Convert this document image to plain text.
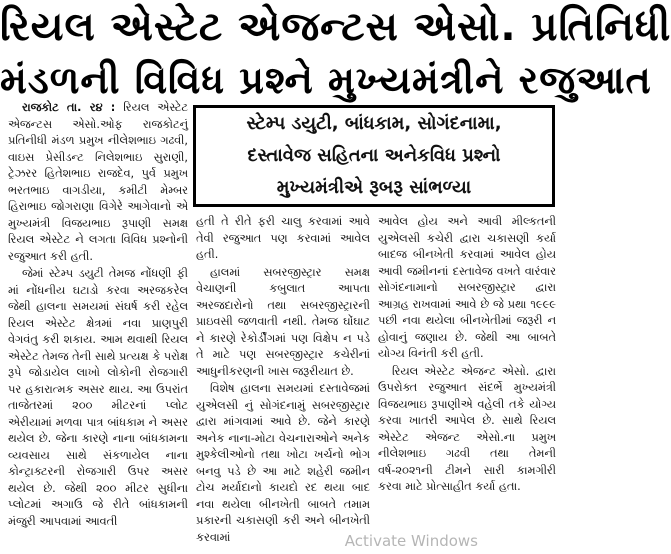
રિયલ એસ્ટેટ એજન્ટસ એસો. પ્રતિનિધી
મંડળની વિવિધ પ્રશ્ને મુખ્યમંત્રીને રજુઆત
સ્ટેમ્પ ડયુટી, બાંધકામ, સોગંદનામા,
દસ્તાવેજ સહિતના અનેકવિધ પ્રશ્નો
મુખ્યમંત્રીએ રૂબરૂ સાંભળ્યા

રાજકોટ તા. ર૪ : રિયલ એસ્ટેટ એજન્ટસ એસો.ઓફ રાજકોટનું પ્રતિનીધી મંડળ પ્રમુખ નીલેશભાઇ ગઢવી, વાઇસ પ્રેસીડન્ટ નિલેશભાઇ સુરાણી, ટ્રેઝરર હિતેશભાઇ રાજદેવ, પુર્વ પ્રમુખ ભરતભાઇ વાગડીયા, કમીટી મેમ્બર હિરાભાઇ જોગરાણા વિગેરે આગેવાનો એ મુખ્યમંત્રી વિજયભાઇ રૂપાણી સમક્ષ રિયલ એસ્ટેટ ને લગતા વિવિધ પ્રશ્નોની રજુઆત કરી હતી.

જેમાં સ્ટેમ્પ ડયુટી તેમજ નોંધણી ફી માં નોંધનીય ઘટાડો કરવા અરજકરેલ જેથી હાલના સમયમાં સંઘર્ષ કરી રહેલ રિયલ એસ્ટેટ ક્ષેત્રમાં નવા પ્રાણપુરી વેગવંતુ કરી શકાય. આમ થવાથી રિયલ એસ્ટેટ તેમજ તેની સાથે પ્રત્યક્ષ કે પરોક્ષ રૂપે જોડાયેલ લાખો લોકોની રોજગારી પર હકારાત્મક અસર થાય. આ ઉપરાંત તાજેતરમાં ૨૦૦ મીટરનાં પ્લોટ એરીયામાં મળવા પાત્ર બાંધકામ ને અસર થયેલ છે. જેના કારણે નાના બાંધકામના વ્યવસાય સાથે સંકળાયેલ નાના કોન્ટ્રાક્ટરની રોજગારી ઉપર અસર થયેલ છે. જેથી ૨૦૦ મીટર સુધીના પ્લોટમાં અગાઉ જે રીતે બાંધકામની મંજુરી આપવામાં આવતી

હતી તે રીતે ફરી ચાલુ કરવામાં આવે તેવી રજુઆત પણ કરવામાં આવેલ હતી.

હાલમાં સબરજીસ્ટ્રાર સમક્ષ વેચાણની કબુલાત આપતા અરજદારોનો તથા સબરજીસ્ટ્રારની પ્રાઇવસી જળવાતી નથી. તેમજ ઘોંઘાટ ને કારણે રેકોર્ડીંગમાં પણ વિક્ષેપ ન પડે તે માટે પણ સબરજીસ્ટ્રાર કચેરીનાં આધુનીકરણની ખાસ જરૂરીયાત છે.

વિશેષ હાલના સમયમાં દસ્તાવેજમાં યુએલસી નું સોગંદનામું સબરજીસ્ટ્રાર દ્વારા માંગવામાં આવે છે. જેને કારણે અનેક નાના-મોટા વેચનારાઓને અનેક મુશ્કેલીઓનો તથા ખોટા ખર્ચનો ભોગ બનવુ પડે છે આ માટે શહેરી જમીન ટોચ મર્યાદાનો કાયદો રદ થયા બાદ નવા થયેલા બીનખેતી બાબતે તમામ પ્રકારની ચકાસણી કરી અને બીનખેતી કરવામાં

આવેલ હોય અને આવી મીલ્કતની યુએલસી કચેરી દ્વારા ચકાસણી કર્યા બાદજ બીનખેતી કરવામાં આવેલ હોય આવી જમીનનાં દસ્તાવેજ વખતે વારંવાર સોગંદનામાનો સબરજીસ્ટ્રાર દ્વારા આગ્રહ રાખવામાં આવે છે જે પ્રથા ૧૯૯૯ પછી નવા થયેલા બીનખેતીમાં જરૂરી ન હોવાનું જણાય છે. જેથી આ બાબતે યોગ્ય વિનંતી કરી હતી.

રિયલ એસ્ટેટ એજન્ટ એસો. દ્વારા ઉપરોક્ત રજુઆત સંદર્ભે મુખ્યમંત્રી વિજયભાઇ રૂપાણીએ વહેલી તકે યોગ્ય કરવા ખાતરી આપેલ છે. સાથે રિયલ એસ્ટેટ એજન્ટ એસો.ના પ્રમુખ નીલેશભાઇ ગઢવી તથા તેમની વર્ષ-૨૦૨૧ની ટીમને સારી કામગીરી કરવા માટે પ્રોત્સાહીત કર્યા હતા.

Activate Windows
